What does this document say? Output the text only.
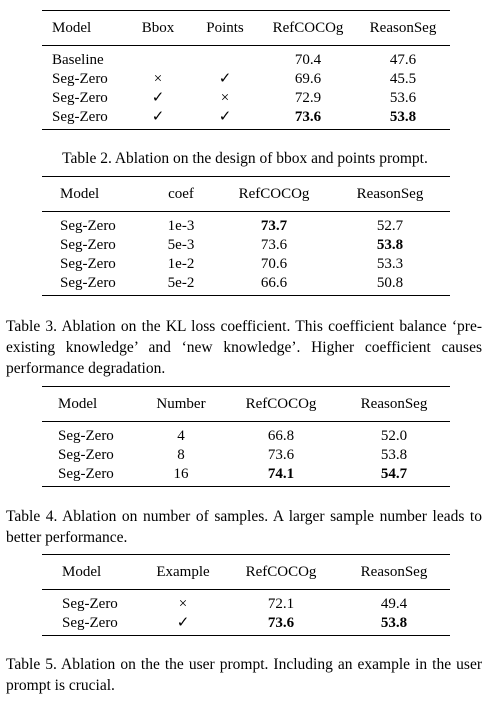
Model	Bbox	Points	RefCOCOg	ReasonSeg
Baseline			70.4	47.6
Seg-Zero	×	✓	69.6	45.5
Seg-Zero	✓	×	72.9	53.6
Seg-Zero	✓	✓	73.6	53.8
Table 2. Ablation on the design of bbox and points prompt.
Model	coef	RefCOCOg	ReasonSeg
Seg-Zero	1e-3	73.7	52.7
Seg-Zero	5e-3	73.6	53.8
Seg-Zero	1e-2	70.6	53.3
Seg-Zero	5e-2	66.6	50.8
Table 3. Ablation on the KL loss coefficient. This coefficient balance ‘pre-existing knowledge’ and ‘new knowledge’. Higher coefficient causes performance degradation.
Model	Number	RefCOCOg	ReasonSeg
Seg-Zero	4	66.8	52.0
Seg-Zero	8	73.6	53.8
Seg-Zero	16	74.1	54.7
Table 4. Ablation on number of samples. A larger sample number leads to better performance.
Model	Example	RefCOCOg	ReasonSeg
Seg-Zero	×	72.1	49.4
Seg-Zero	✓	73.6	53.8
Table 5. Ablation on the the user prompt. Including an example in the user prompt is crucial.
